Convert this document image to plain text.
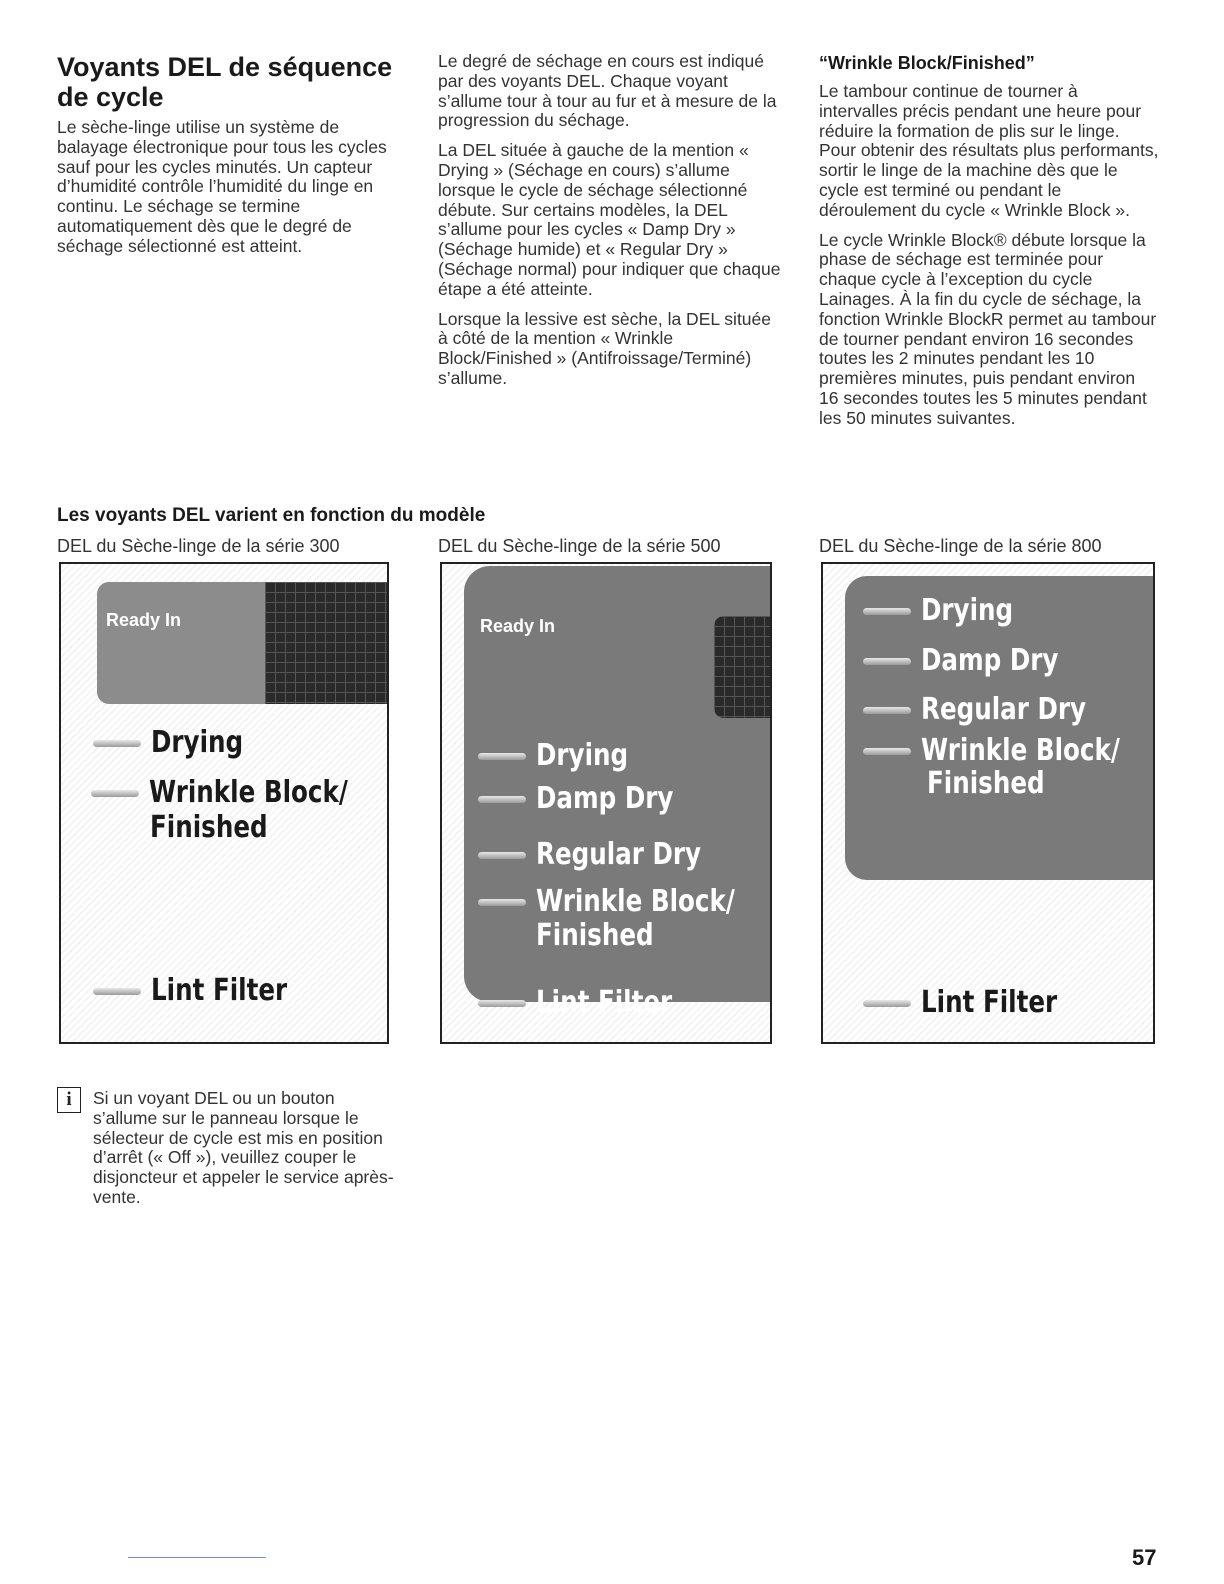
Voyants DEL de séquence de cycle

Le sèche-linge utilise un système de balayage électronique pour tous les cycles sauf pour les cycles minutés. Un capteur d’humidité contrôle l’humidité du linge en continu. Le séchage se termine automatiquement dès que le degré de séchage sélectionné est atteint.

Le degré de séchage en cours est indiqué par des voyants DEL. Chaque voyant s’allume tour à tour au fur et à mesure de la progression du séchage.

La DEL située à gauche de la mention « Drying » (Séchage en cours) s’allume lorsque le cycle de séchage sélectionné débute. Sur certains modèles, la DEL s’allume pour les cycles « Damp Dry » (Séchage humide) et « Regular Dry » (Séchage normal) pour indiquer que chaque étape a été atteinte.

Lorsque la lessive est sèche, la DEL située à côté de la mention « Wrinkle Block/Finished » (Antifroissage/Terminé) s’allume.

“Wrinkle Block/Finished”

Le tambour continue de tourner à intervalles précis pendant une heure pour réduire la formation de plis sur le linge. Pour obtenir des résultats plus performants, sortir le linge de la machine dès que le cycle est terminé ou pendant le déroulement du cycle « Wrinkle Block ».

Le cycle Wrinkle Block® débute lorsque la phase de séchage est terminée pour chaque cycle à l’exception du cycle Lainages. À la fin du cycle de séchage, la fonction Wrinkle BlockR permet au tambour de tourner pendant environ 16 secondes toutes les 2 minutes pendant les 10 premières minutes, puis pendant environ 16 secondes toutes les 5 minutes pendant les 50 minutes suivantes.

Les voyants DEL varient en fonction du modèle
DEL du Sèche-linge de la série 300	DEL du Sèche-linge de la série 500	DEL du Sèche-linge de la série 800
Ready In
Drying
Wrinkle Block/
Finished
Lint Filter
Ready In
Drying
Damp Dry
Regular Dry
Wrinkle Block/
Finished
Lint Filter
Drying
Damp Dry
Regular Dry
Wrinkle Block/
Finished
Lint Filter
i	Si un voyant DEL ou un bouton s’allume sur le panneau lorsque le sélecteur de cycle est mis en position d’arrêt (« Off »), veuillez couper le disjoncteur et appeler le service après-vente.
57
